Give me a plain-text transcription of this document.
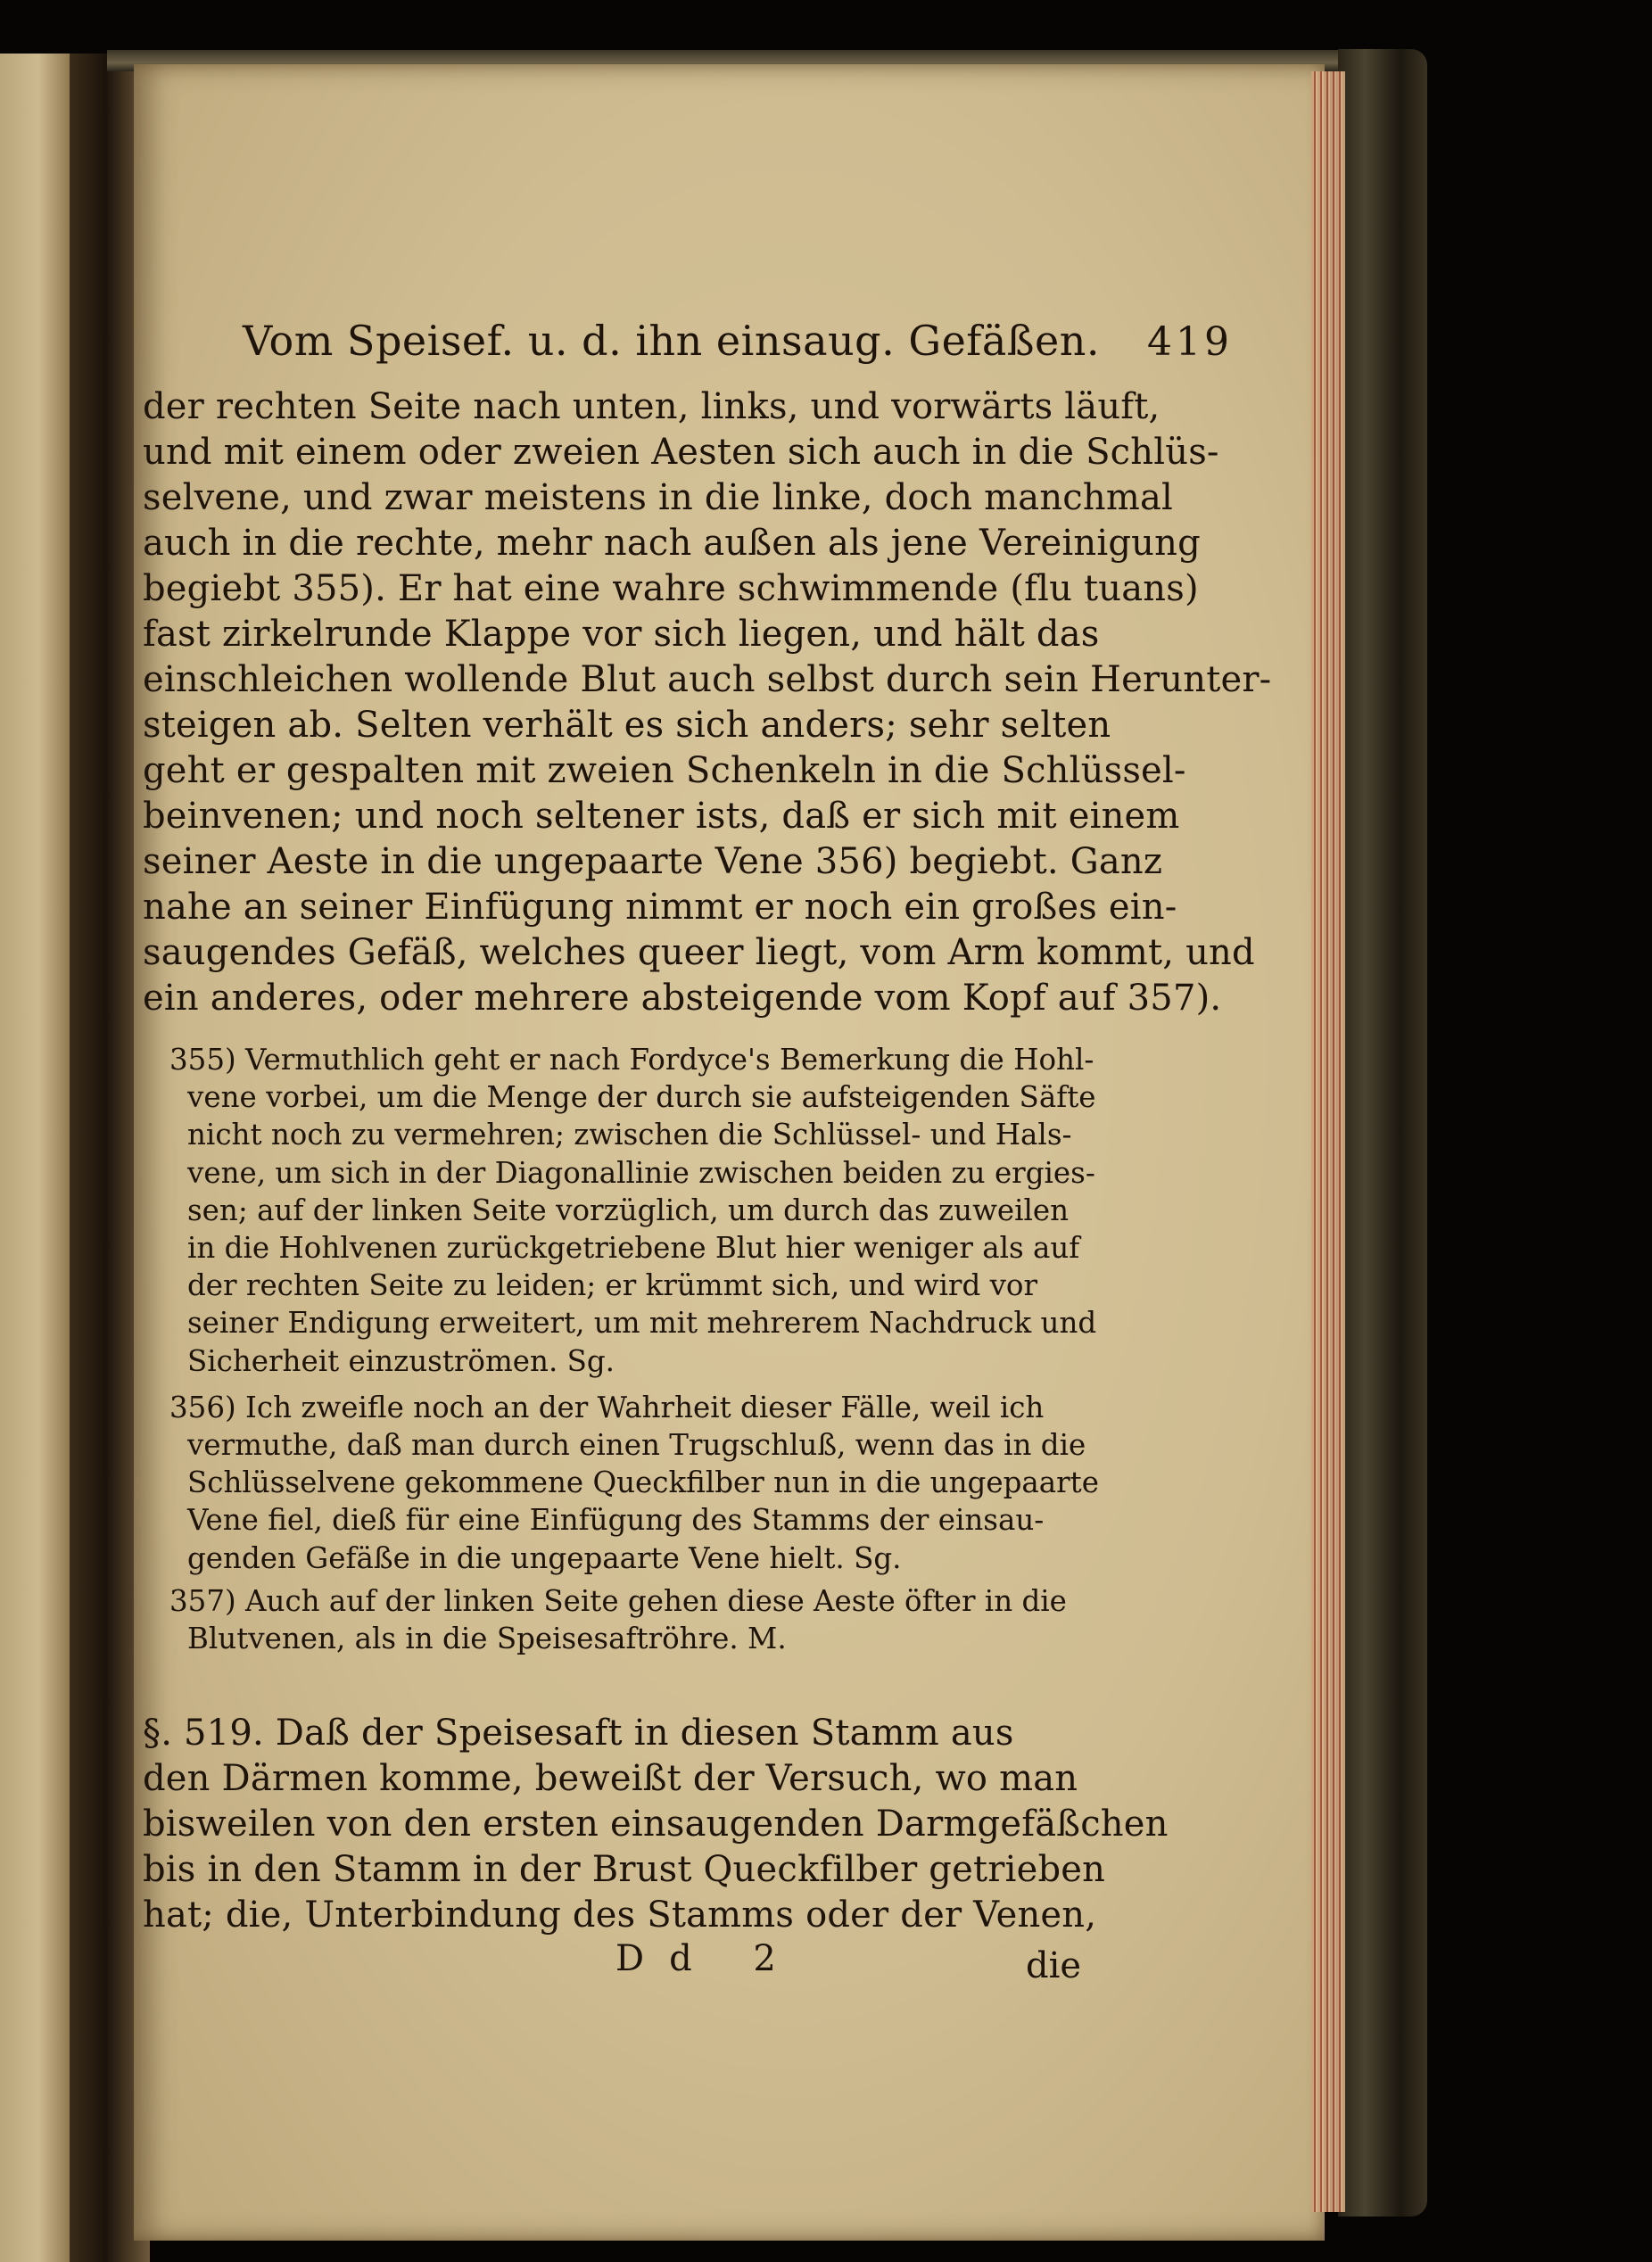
Vom Speisef. u. d. ihn einsaug. Gefäßen. 419
der rechten Seite nach unten, links, und vorwärts läuft,
und mit einem oder zweien Aesten sich auch in die Schlüs-
selvene, und zwar meistens in die linke, doch manchmal
auch in die rechte, mehr nach außen als jene Vereinigung
begiebt 355). Er hat eine wahre schwimmende (flu tuans)
fast zirkelrunde Klappe vor sich liegen, und hält das
einschleichen wollende Blut auch selbst durch sein Herunter-
steigen ab. Selten verhält es sich anders; sehr selten
geht er gespalten mit zweien Schenkeln in die Schlüssel-
beinvenen; und noch seltener ists, daß er sich mit einem
seiner Aeste in die ungepaarte Vene 356) begiebt. Ganz
nahe an seiner Einfügung nimmt er noch ein großes ein-
saugendes Gefäß, welches queer liegt, vom Arm kommt, und
ein anderes, oder mehrere absteigende vom Kopf auf 357).
355) Vermuthlich geht er nach Fordyce's Bemerkung die Hohl-
vene vorbei, um die Menge der durch sie aufsteigenden Säfte
nicht noch zu vermehren; zwischen die Schlüssel- und Hals-
vene, um sich in der Diagonallinie zwischen beiden zu ergies-
sen; auf der linken Seite vorzüglich, um durch das zuweilen
in die Hohlvenen zurückgetriebene Blut hier weniger als auf
der rechten Seite zu leiden; er krümmt sich, und wird vor
seiner Endigung erweitert, um mit mehrerem Nachdruck und
Sicherheit einzuströmen. Sg.
356) Ich zweifle noch an der Wahrheit dieser Fälle, weil ich
vermuthe, daß man durch einen Trugschluß, wenn das in die
Schlüsselvene gekommene Queckfilber nun in die ungepaarte
Vene fiel, dieß für eine Einfügung des Stamms der einsau-
genden Gefäße in die ungepaarte Vene hielt. Sg.
357) Auch auf der linken Seite gehen diese Aeste öfter in die
Blutvenen, als in die Speisesaftröhre. M.
§. 519. Daß der Speisesaft in diesen Stamm aus
den Därmen komme, beweißt der Versuch, wo man
bisweilen von den ersten einsaugenden Darmgefäßchen
bis in den Stamm in der Brust Queckfilber getrieben
hat; die, Unterbindung des Stamms oder der Venen,
Dd 2	die
